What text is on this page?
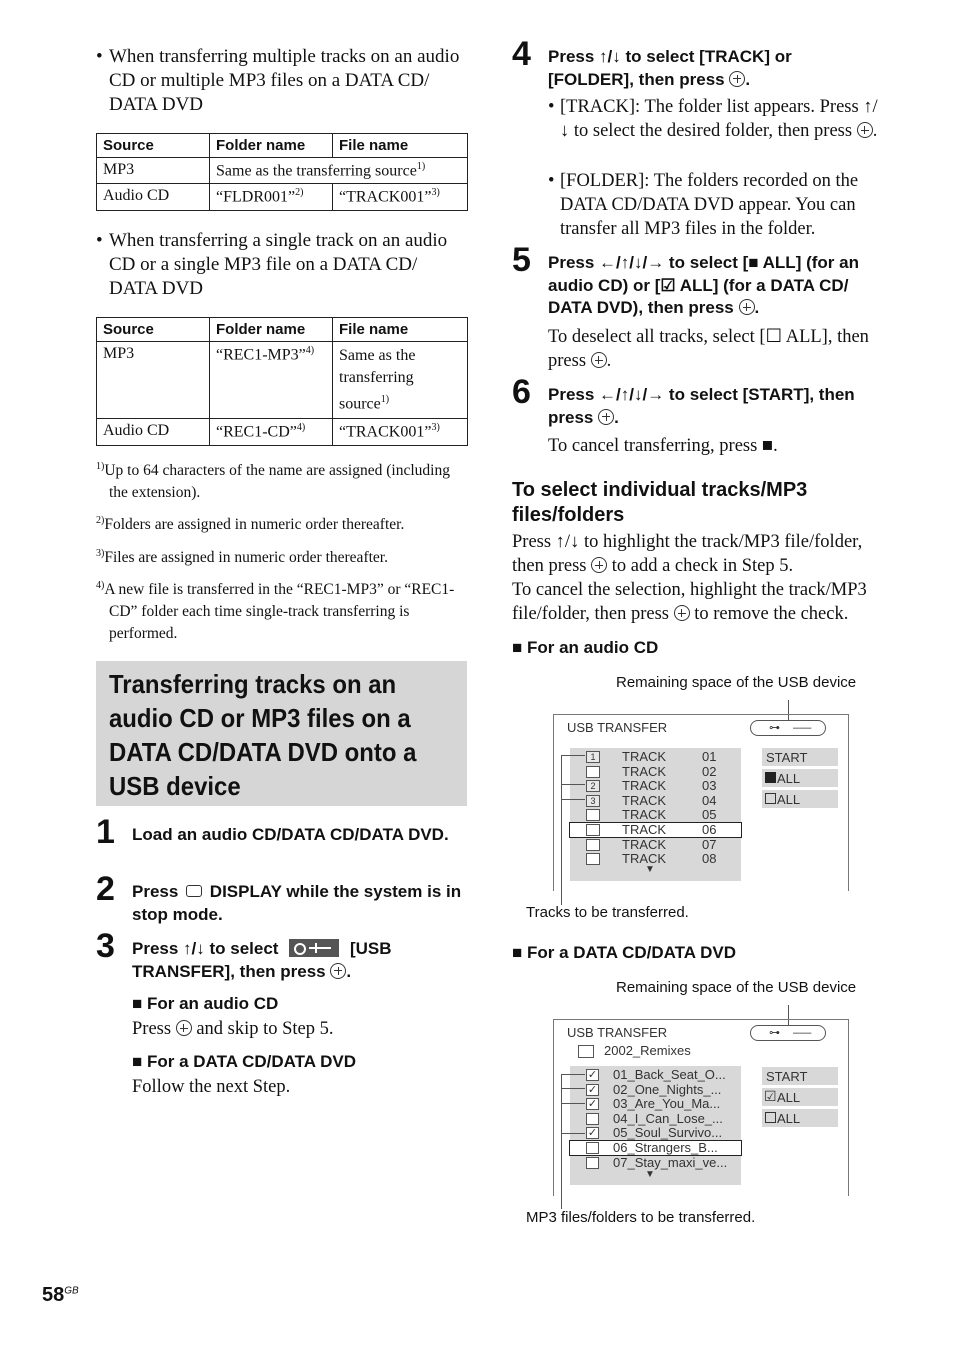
• When transferring multiple tracks on an audio CD or multiple MP3 files on a DATA CD/ DATA DVD
Source	Folder name	File name
MP3	Same as the transferring source$^{1)}$
Audio CD	“FLDR001”$^{2)}$	“TRACK001”$^{3)}$
• When transferring a single track on an audio CD or a single MP3 file on a DATA CD/ DATA DVD
Source	Folder name	File name
MP3	“REC1-MP3”$^{4)}$	Same as the transferring source$^{1)}$
Audio CD	“REC1-CD”$^{4)}$	“TRACK001”$^{3)}$
$^{1)}$Up to 64 characters of the name are assigned (including the extension).
$^{2)}$Folders are assigned in numeric order thereafter.
$^{3)}$Files are assigned in numeric order thereafter.
$^{4)}$A new file is transferred in the “REC1-MP3” or “REC1-CD” folder each time single-track transferring is performed.
Transferring tracks on an audio CD or MP3 files on a DATA CD/DATA DVD onto a USB device
1 Load an audio CD/DATA CD/DATA DVD.
2 Press DISPLAY while the system is in stop mode.
3 Press ↑/↓ to select	[USB TRANSFER], then press .
■ For an audio CD
Press and skip to Step 5.
■ For a DATA CD/DATA DVD
Follow the next Step.
4 Press ↑/↓ to select [TRACK] or [FOLDER], then press .
• [TRACK]: The folder list appears. Press ↑/↓ to select the desired folder, then press .
• [FOLDER]: The folders recorded on the DATA CD/DATA DVD appear. You can transfer all MP3 files in the folder.
5 Press ←/↑/↓/→ to select [■ ALL] (for an audio CD) or [☑ ALL] (for a DATA CD/ DATA DVD), then press .
To deselect all tracks, select [☐ ALL], then press .
6 Press ←/↑/↓/→ to select [START], then press .
To cancel transferring, press ■.
To select individual tracks/MP3 files/folders
Press ↑/↓ to highlight the track/MP3 file/folder, then press to add a check in Step 5.
To cancel the selection, highlight the track/MP3 file/folder, then press to remove the check.
■ For an audio CD
Remaining space of the USB device
USB TRANSFER	⊶ –––
1	TRACK	01
TRACK	02
2	TRACK	03
3	TRACK	04
TRACK	05
TRACK	06
TRACK	07
TRACK	08
▼
START
ALL
ALL
Tracks to be transferred.
■ For a DATA CD/DATA DVD
Remaining space of the USB device
USB TRANSFER	⊶ –––
2002_Remixes
✓ 01_Back_Seat_O...
✓ 02_One_Nights_...
✓ 03_Are_You_Ma...
04_I_Can_Lose_...
✓ 05_Soul_Survivo...
06_Strangers_B...
07_Stay_maxi_ve...
▼
START
☑ ALL
ALL
MP3 files/folders to be transferred.
$58^{GB}$
